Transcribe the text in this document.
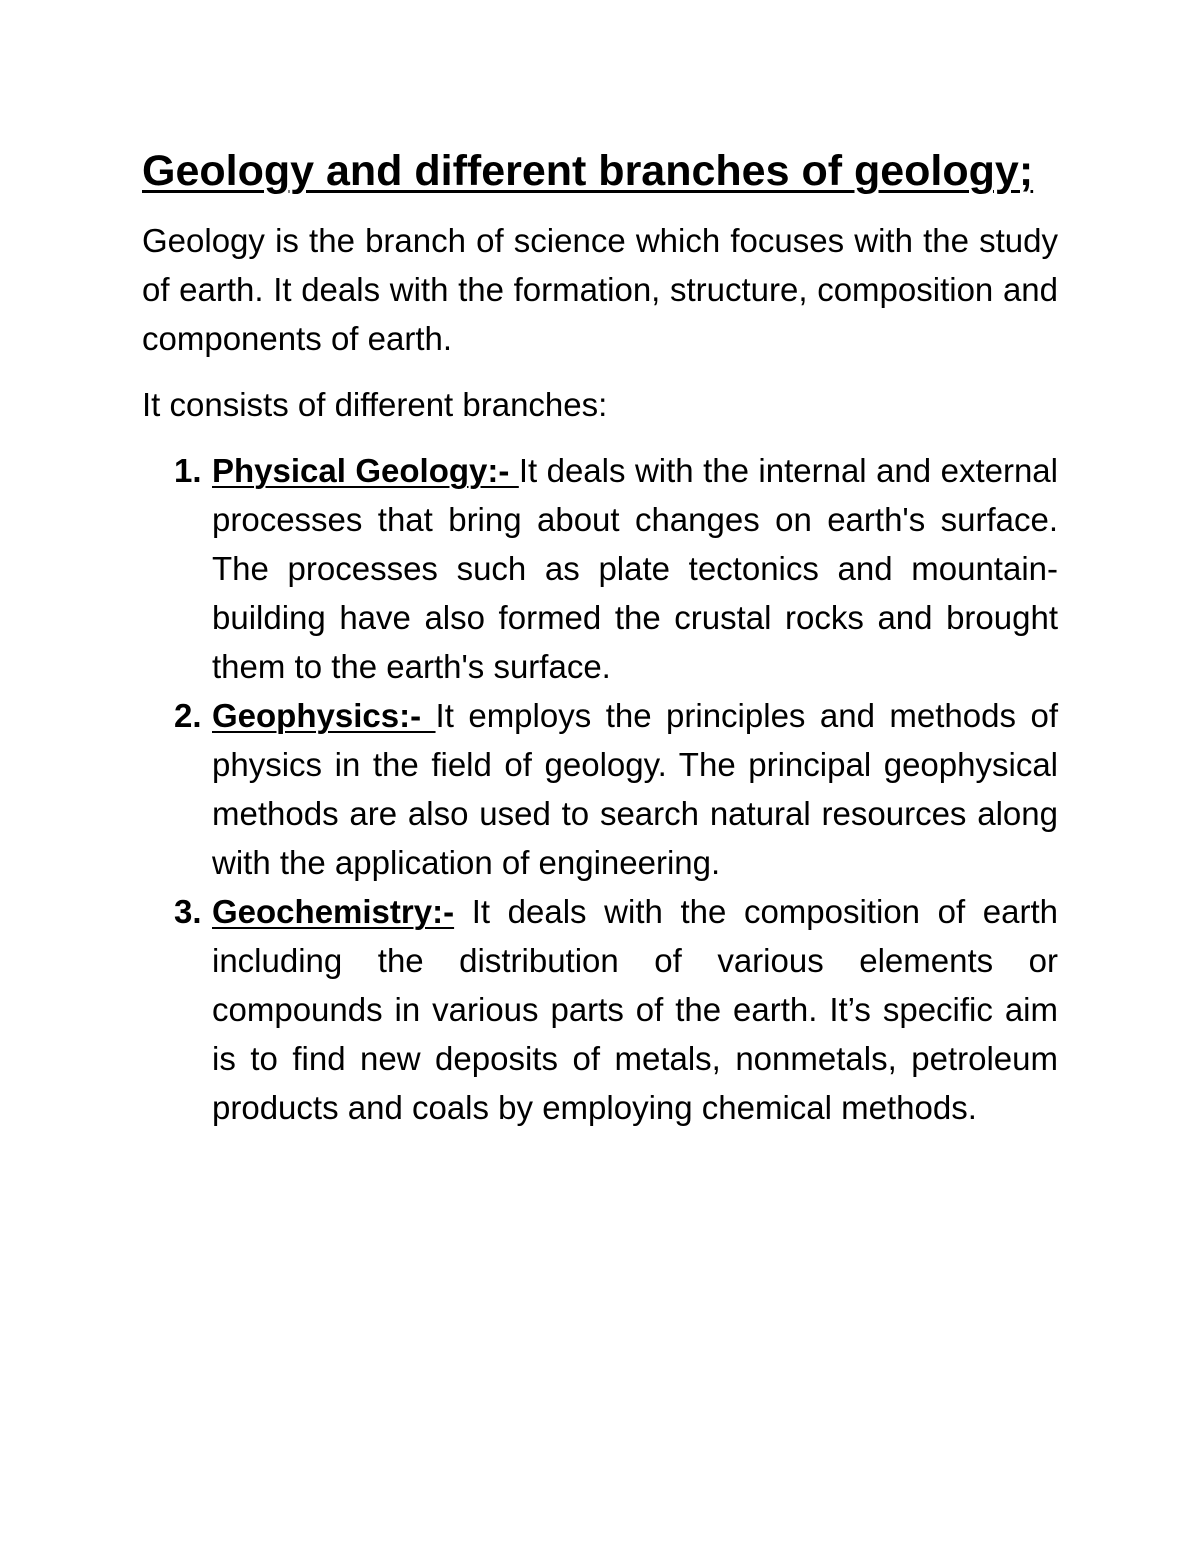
Geology and different branches of geology;

Geology is the branch of science which focuses with the study of earth. It deals with the formation, structure, composition and components of earth.

It consists of different branches:

1. Physical Geology:- It deals with the internal and external processes that bring about changes on earth's surface. The processes such as plate tectonics and mountain-building have also formed the crustal rocks and brought them to the earth's surface.
2. Geophysics:- It employs the principles and methods of physics in the field of geology. The principal geophysical methods are also used to search natural resources along with the application of engineering.
3. Geochemistry:- It deals with the composition of earth including the distribution of various elements or compounds in various parts of the earth. It’s specific aim is to find new deposits of metals, nonmetals, petroleum products and coals by employing chemical methods.
